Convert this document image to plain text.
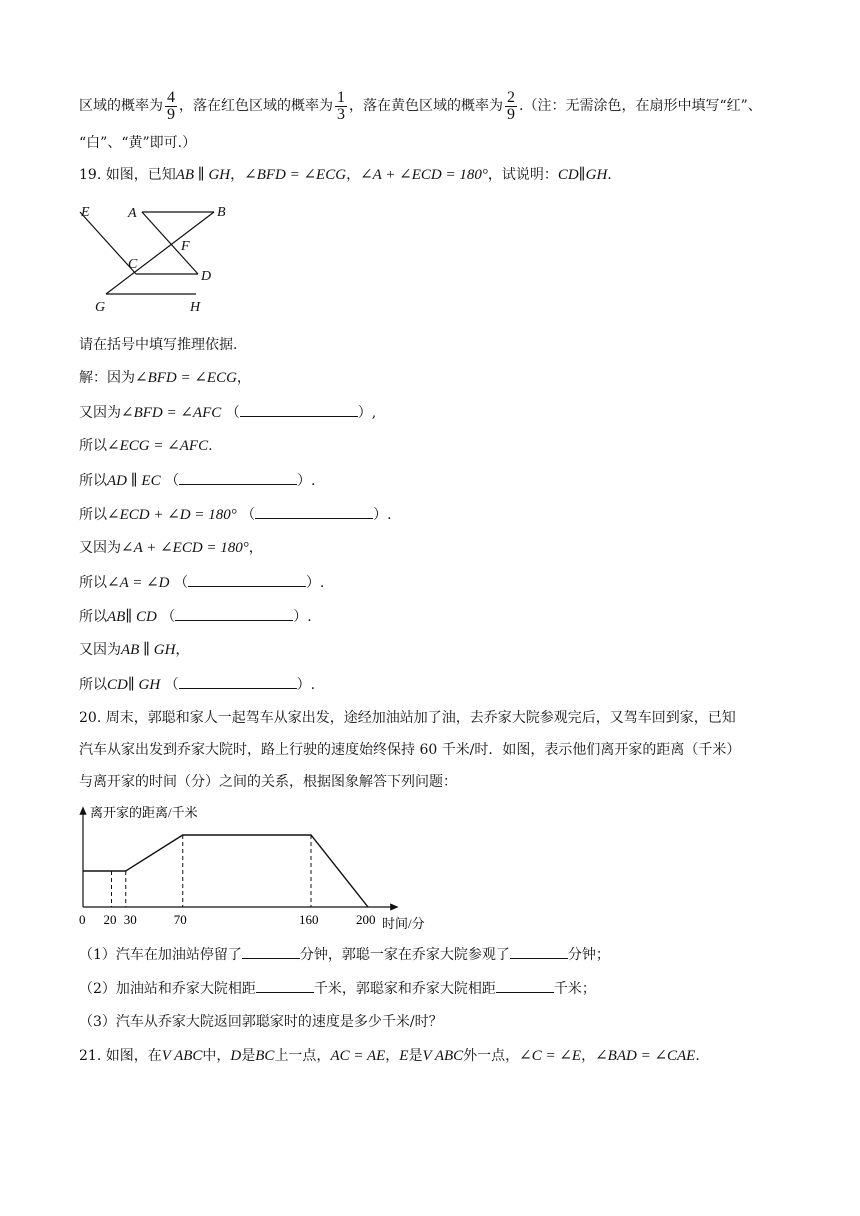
区域的概率为 $\frac{4}{9}$ ，落在红色区域的概率为 $\frac{1}{3}$ ，落在黄色区域的概率为 $\frac{2}{9}$ .（注：无需涂色，在扇形中填写“红”、
“白”、“黄”即可.）
19. 如图，已知AB ∥ GH，∠BFD = ∠ECG，∠A + ∠ECD = 180°，试说明：CD∥GH.
E	A	B
F
C
D
G	H
请在括号中填写推理依据.
解：因为∠BFD = ∠ECG，
又因为∠BFD = ∠AFC （	）,
所以∠ECG = ∠AFC.
所以AD ∥ EC （	）.
所以∠ECD + ∠D = 180° （	）.
又因为∠A + ∠ECD = 180°，
所以∠A = ∠D （	）.
所以AB∥ CD （	）.
又因为AB ∥ GH，
所以CD∥ GH （	）.
20. 周末，郭聪和家人一起驾车从家出发，途经加油站加了油，去乔家大院参观完后，又驾车回到家，已知
汽车从家出发到乔家大院时，路上行驶的速度始终保持 60 千米/时．如图，表示他们离开家的距离（千米）
与离开家的时间（分）之间的关系，根据图象解答下列问题：
离开家的距离/千米
时间/分
0 20 30	70	160	200
（1）汽车在加油站停留了	分钟，郭聪一家在乔家大院参观了	分钟；
（2）加油站和乔家大院相距	千米，郭聪家和乔家大院相距	千米；
（3）汽车从乔家大院返回郭聪家时的速度是多少千米/时？
21. 如图，在V ABC中，D是BC上一点，AC = AE，E是V ABC外一点，∠C = ∠E，∠BAD = ∠CAE.
